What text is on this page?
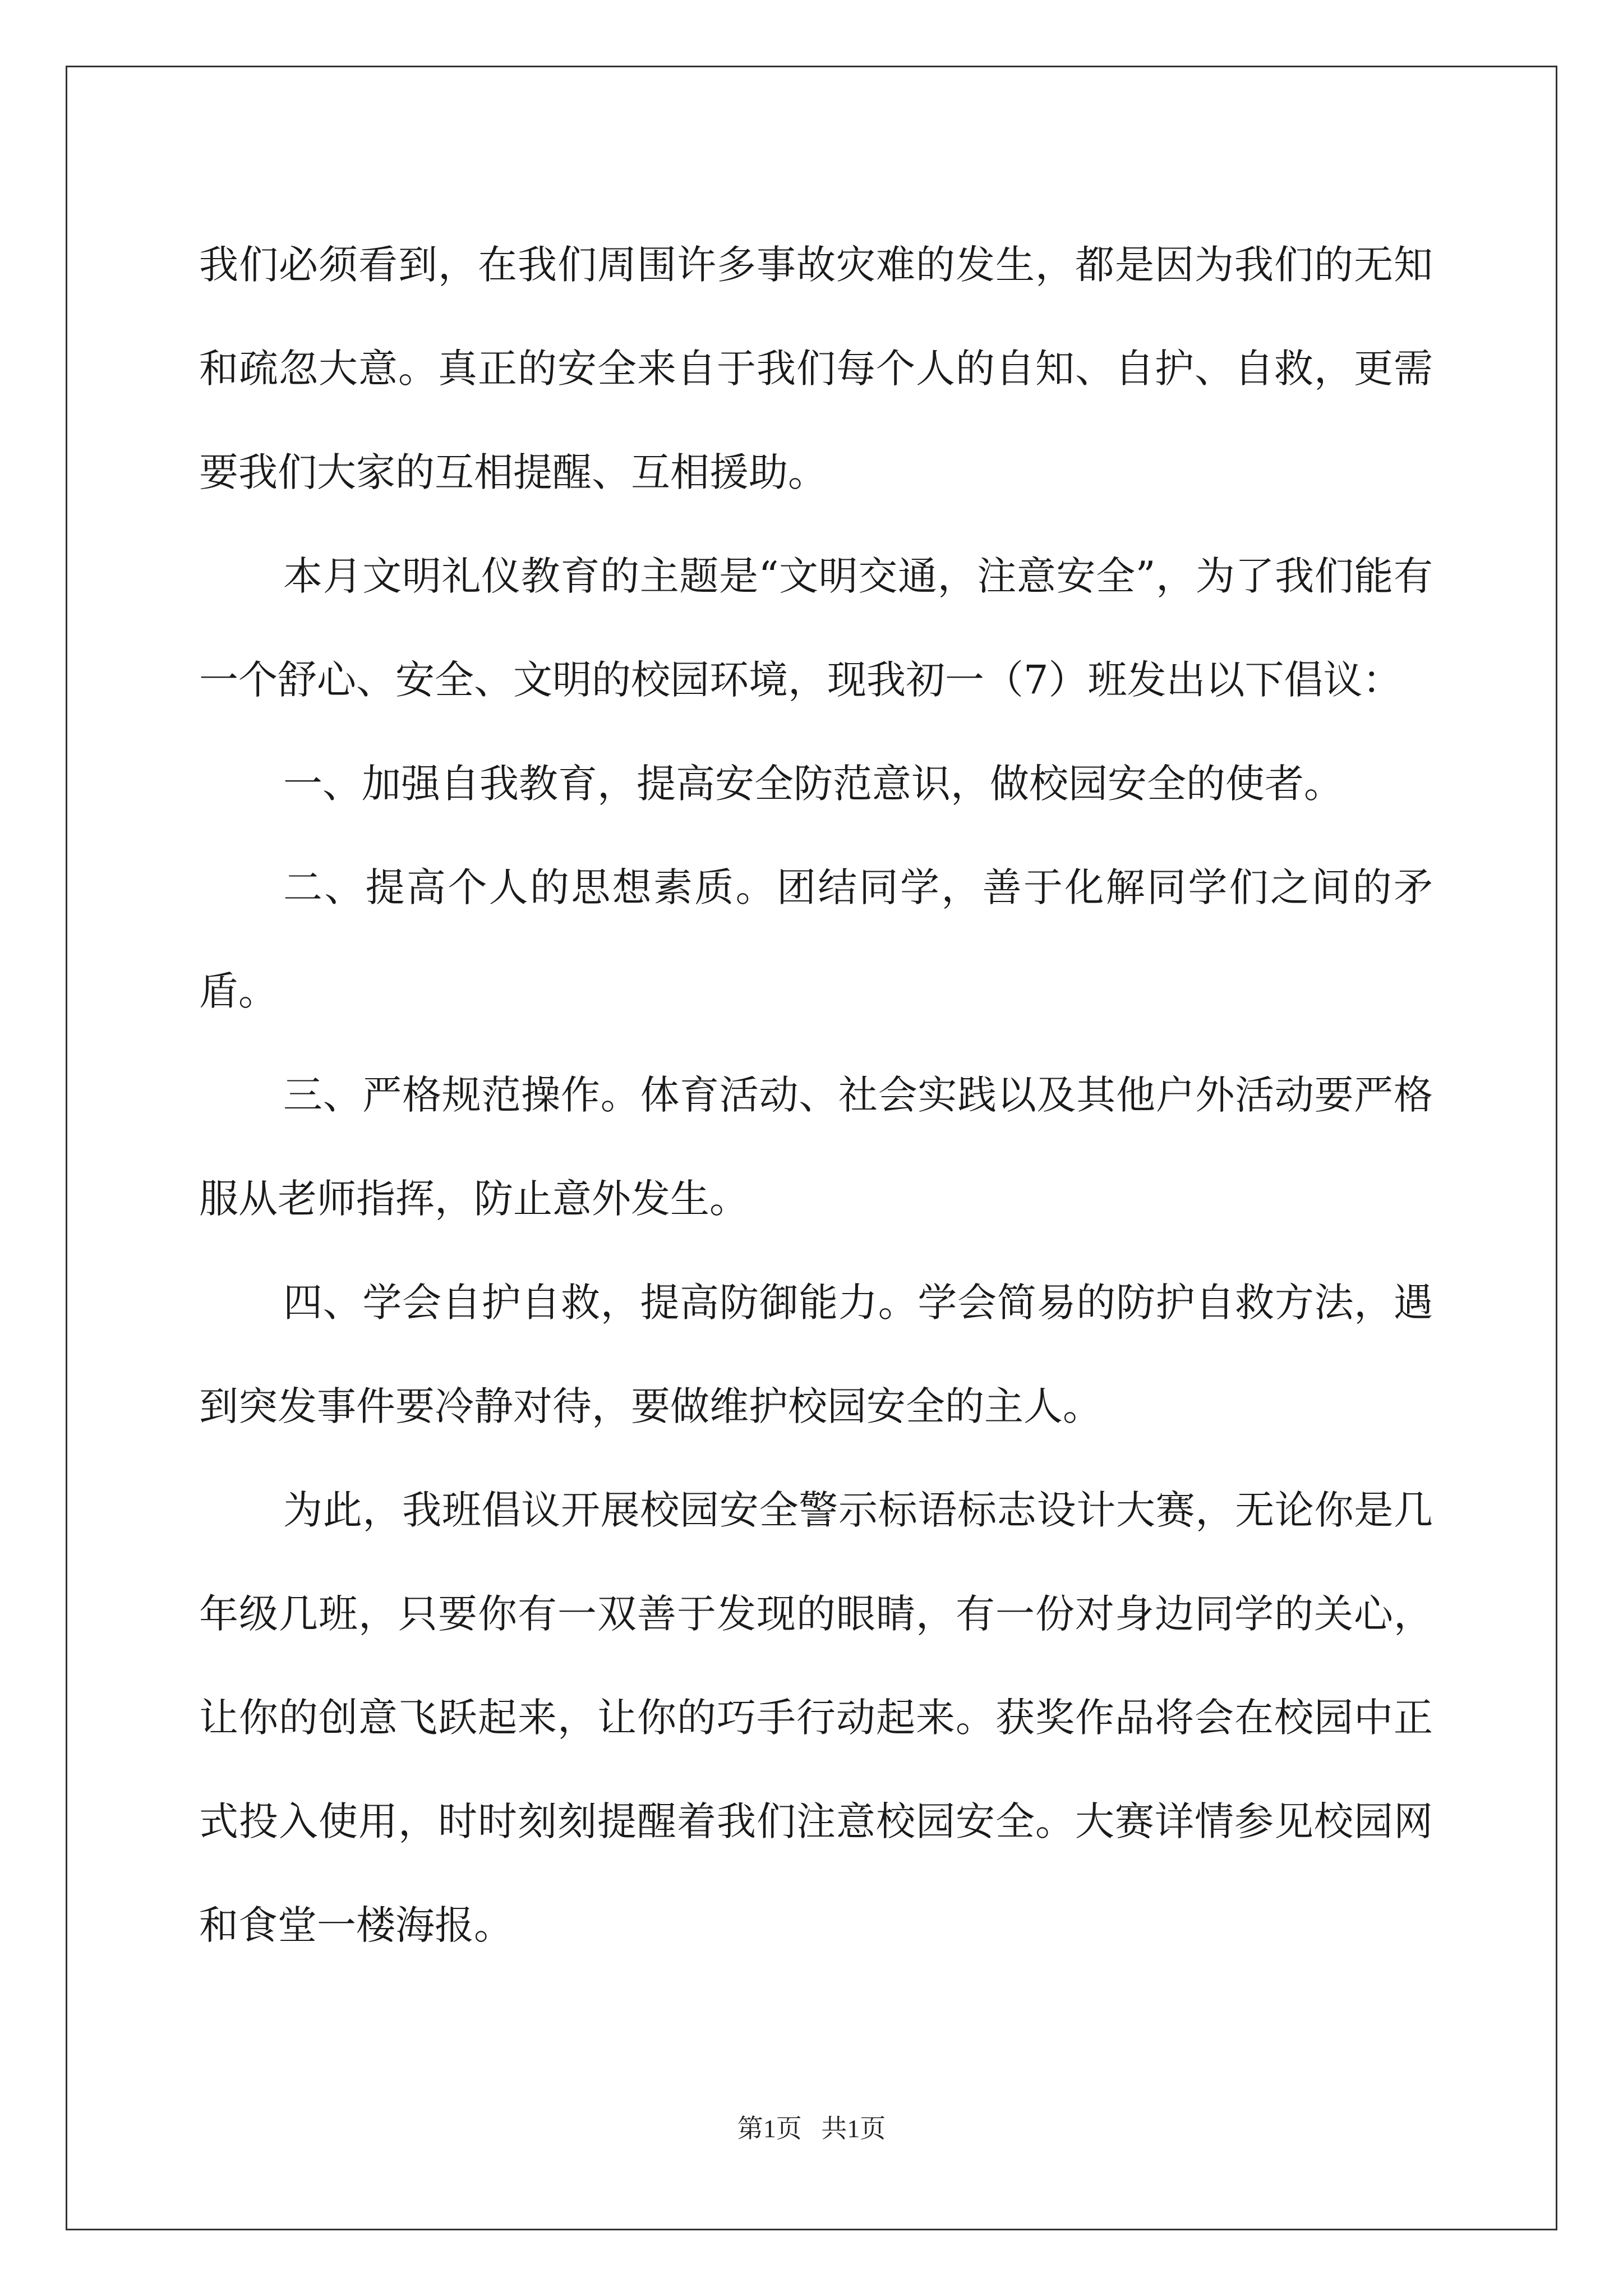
我们必须看到，在我们周围许多事故灾难的发生，都是因为我们的无知和疏忽大意。真正的安全来自于我们每个人的自知、自护、自救，更需要我们大家的互相提醒、互相援助。

本月文明礼仪教育的主题是“文明交通，注意安全”，为了我们能有一个舒心、安全、文明的校园环境，现我初一（7）班发出以下倡议：

一、加强自我教育，提高安全防范意识，做校园安全的使者。

二、提高个人的思想素质。团结同学，善于化解同学们之间的矛盾。

三、严格规范操作。体育活动、社会实践以及其他户外活动要严格服从老师指挥，防止意外发生。

四、学会自护自救，提高防御能力。学会简易的防护自救方法，遇到突发事件要冷静对待，要做维护校园安全的主人。

为此，我班倡议开展校园安全警示标语标志设计大赛，无论你是几年级几班，只要你有一双善于发现的眼睛，有一份对身边同学的关心，让你的创意飞跃起来，让你的巧手行动起来。获奖作品将会在校园中正式投入使用，时时刻刻提醒着我们注意校园安全。大赛详情参见校园网和食堂一楼海报。

第1页   共1页
